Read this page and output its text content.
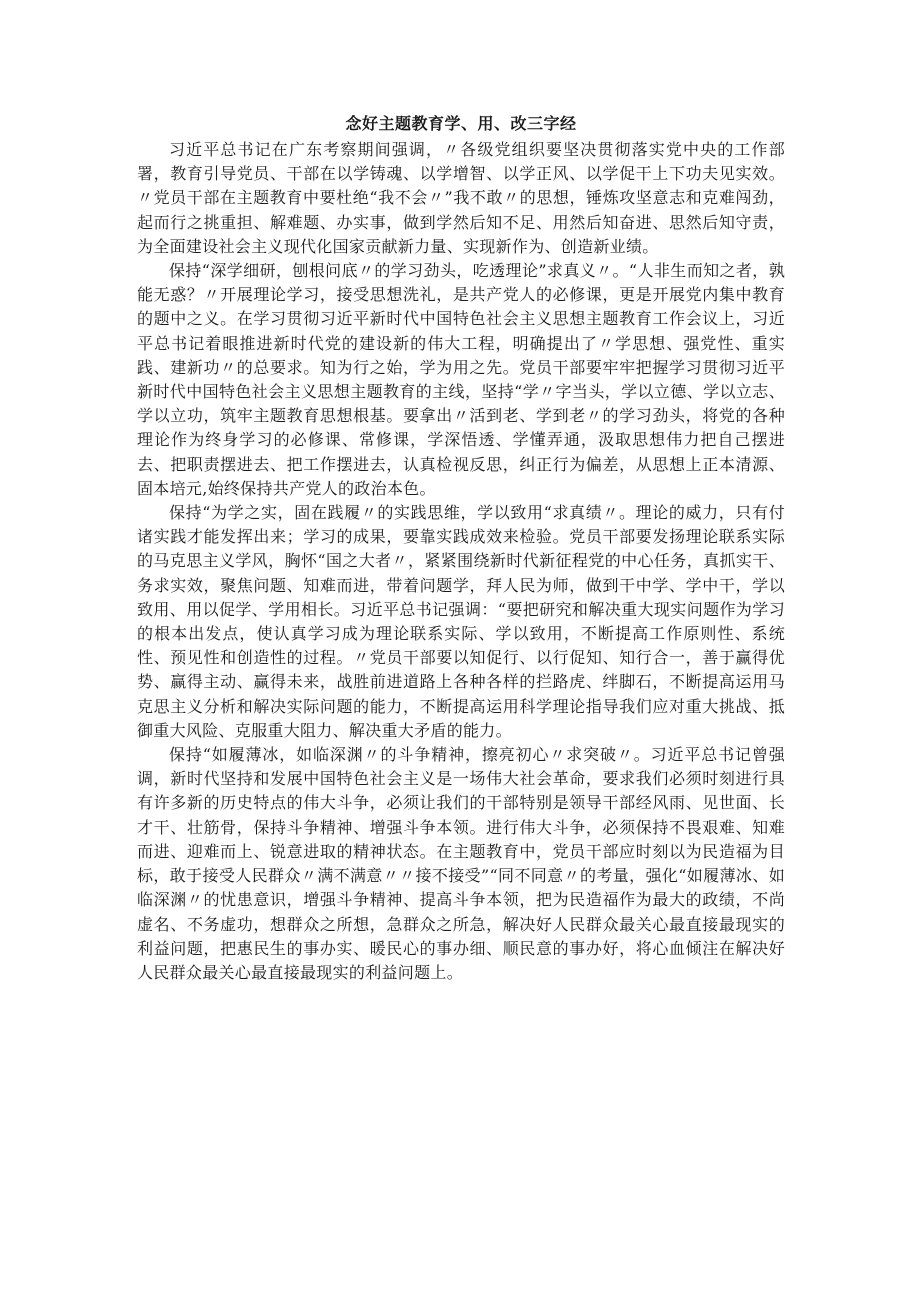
念好主题教育学、用、改三字经

习近平总书记在广东考察期间强调，〃各级党组织要坚决贯彻落实党中央的工作部署，教育引导党员、干部在以学铸魂、以学增智、以学正风、以学促干上下功夫见实效。〃党员干部在主题教育中要杜绝“我不会〃”我不敢〃的思想，锤炼攻坚意志和克难闯劲，起而行之挑重担、解难题、办实事，做到学然后知不足、用然后知奋进、思然后知守责，为全面建设社会主义现代化国家贡献新力量、实现新作为、创造新业绩。

保持“深学细研，刨根问底〃的学习劲头，吃透理论”求真义〃。“人非生而知之者，孰能无惑？〃开展理论学习，接受思想洗礼，是共产党人的必修课，更是开展党内集中教育的题中之义。在学习贯彻习近平新时代中国特色社会主义思想主题教育工作会议上，习近平总书记着眼推进新时代党的建设新的伟大工程，明确提出了〃学思想、强党性、重实践、建新功〃的总要求。知为行之始，学为用之先。党员干部要牢牢把握学习贯彻习近平新时代中国特色社会主义思想主题教育的主线，坚持“学〃字当头，学以立德、学以立志、学以立功，筑牢主题教育思想根基。要拿出〃活到老、学到老〃的学习劲头，将党的各种理论作为终身学习的必修课、常修课，学深悟透、学懂弄通，汲取思想伟力把自己摆进去、把职责摆进去、把工作摆进去，认真检视反思，纠正行为偏差，从思想上正本清源、固本培元,始终保持共产党人的政治本色。

保持“为学之实，固在践履〃的实践思维，学以致用“求真绩〃。理论的威力，只有付诸实践才能发挥出来；学习的成果，要靠实践成效来检验。党员干部要发扬理论联系实际的马克思主义学风，胸怀“国之大者〃，紧紧围绕新时代新征程党的中心任务，真抓实干、务求实效，聚焦问题、知难而进，带着问题学，拜人民为师，做到干中学、学中干，学以致用、用以促学、学用相长。习近平总书记强调：“要把研究和解决重大现实问题作为学习的根本出发点，使认真学习成为理论联系实际、学以致用，不断提高工作原则性、系统性、预见性和创造性的过程。〃党员干部要以知促行、以行促知、知行合一，善于赢得优势、赢得主动、赢得未来，战胜前进道路上各种各样的拦路虎、绊脚石，不断提高运用马克思主义分析和解决实际问题的能力，不断提高运用科学理论指导我们应对重大挑战、抵御重大风险、克服重大阻力、解决重大矛盾的能力。

保持“如履薄冰，如临深渊〃的斗争精神，擦亮初心〃求突破〃。习近平总书记曾强调，新时代坚持和发展中国特色社会主义是一场伟大社会革命，要求我们必须时刻进行具有许多新的历史特点的伟大斗争，必须让我们的干部特别是领导干部经风雨、见世面、长才干、壮筋骨，保持斗争精神、增强斗争本领。进行伟大斗争，必须保持不畏艰难、知难而进、迎难而上、锐意进取的精神状态。在主题教育中，党员干部应时刻以为民造福为目标，敢于接受人民群众〃满不满意〃〃接不接受”“同不同意〃的考量，强化“如履薄冰、如临深渊〃的忧患意识，增强斗争精神、提高斗争本领，把为民造福作为最大的政绩，不尚虚名、不务虚功，想群众之所想，急群众之所急，解决好人民群众最关心最直接最现实的利益问题，把惠民生的事办实、暖民心的事办细、顺民意的事办好，将心血倾注在解决好人民群众最关心最直接最现实的利益问题上。
